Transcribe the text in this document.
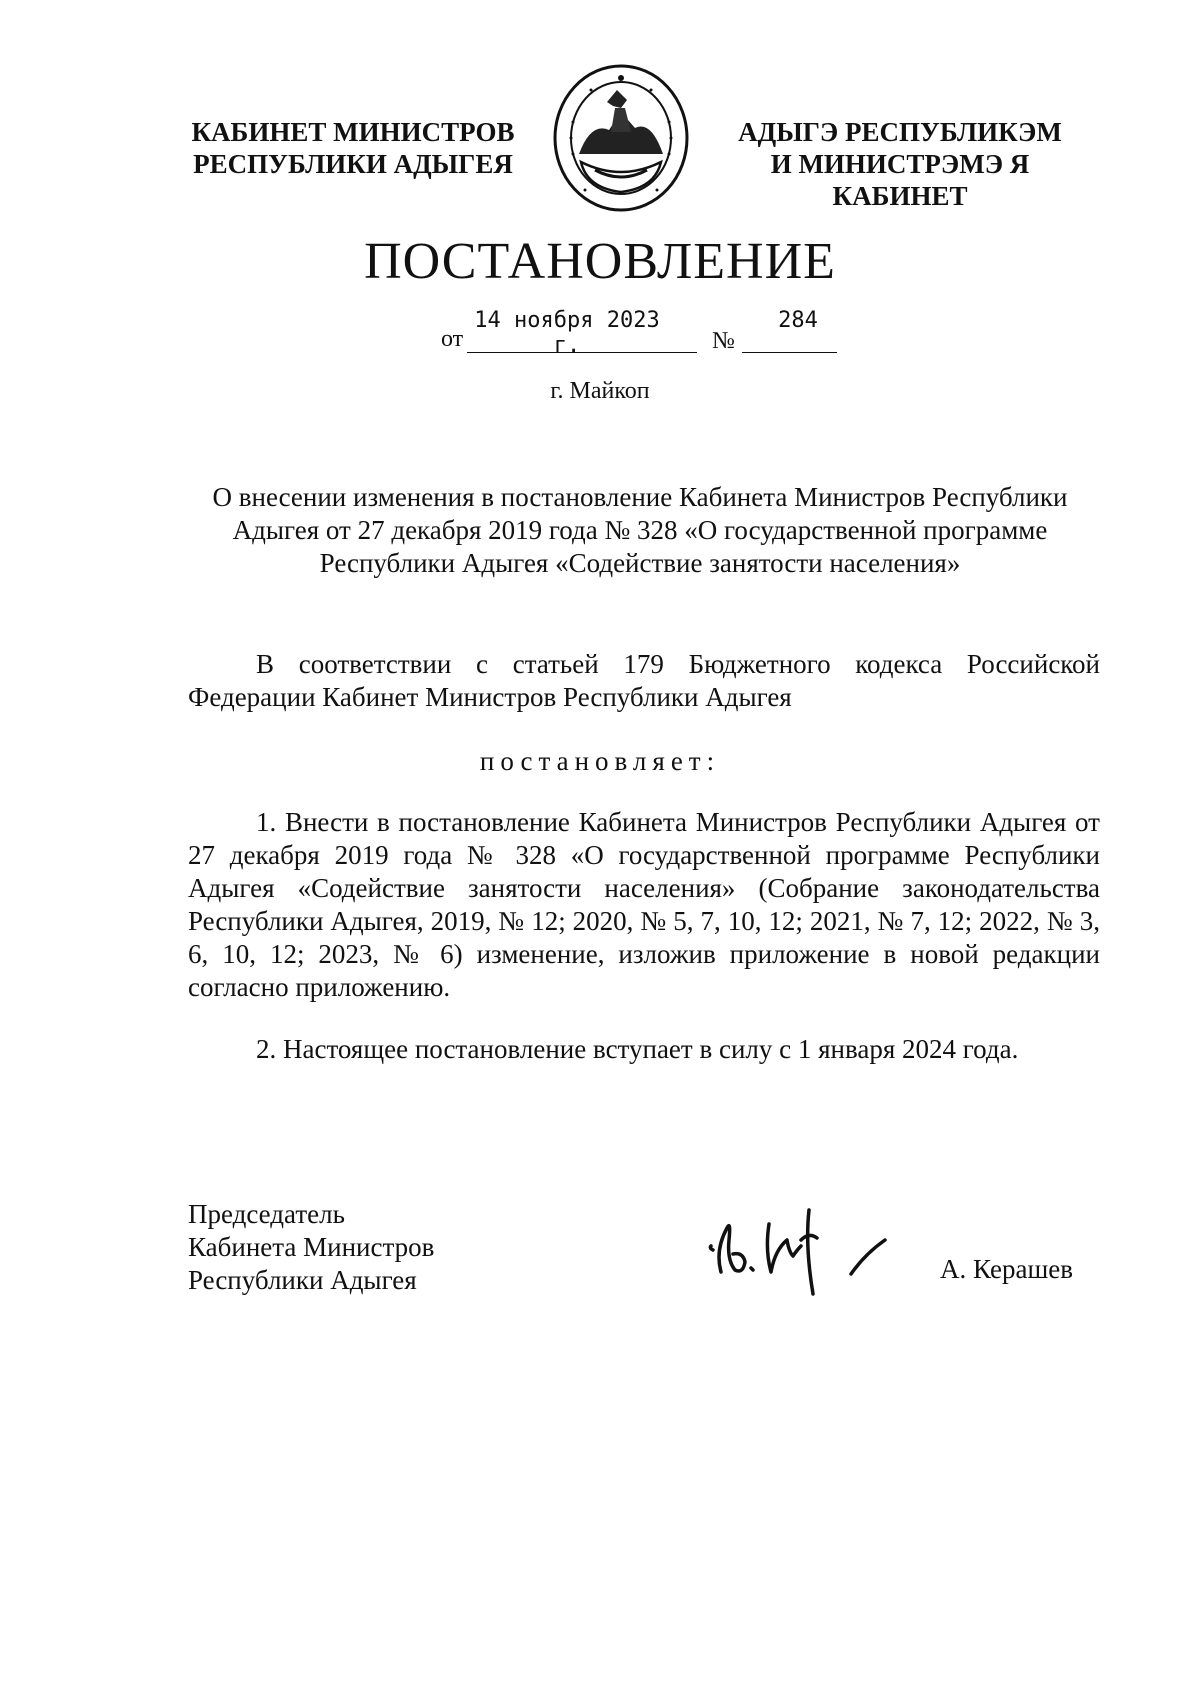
КАБИНЕТ МИНИСТРОВ
РЕСПУБЛИКИ АДЫГЕЯ
АДЫГЭ РЕСПУБЛИКЭМ
И МИНИСТРЭМЭ Я КАБИНЕТ
ПОСТАНОВЛЕНИЕ
от
14 ноября 2023 г.	№
284
г. Майкоп
О внесении изменения в постановление Кабинета Министров Республики Адыгея от 27 декабря 2019 года № 328 «О государственной программе Республики Адыгея «Содействие занятости населения»
В соответствии с статьей 179 Бюджетного кодекса Российской Федерации Кабинет Министров Республики Адыгея
постановляет:
1. Внести в постановление Кабинета Министров Республики Адыгея от 27 декабря 2019 года № 328 «О государственной программе Республики Адыгея «Содействие занятости населения» (Собрание законодательства Республики Адыгея, 2019, № 12; 2020, № 5, 7, 10, 12; 2021, № 7, 12; 2022, № 3, 6, 10, 12; 2023, № 6) изменение, изложив приложение в новой редакции согласно приложению.
2. Настоящее постановление вступает в силу с 1 января 2024 года.
Председатель
Кабинета Министров
Республики Адыгея	А. Керашев
